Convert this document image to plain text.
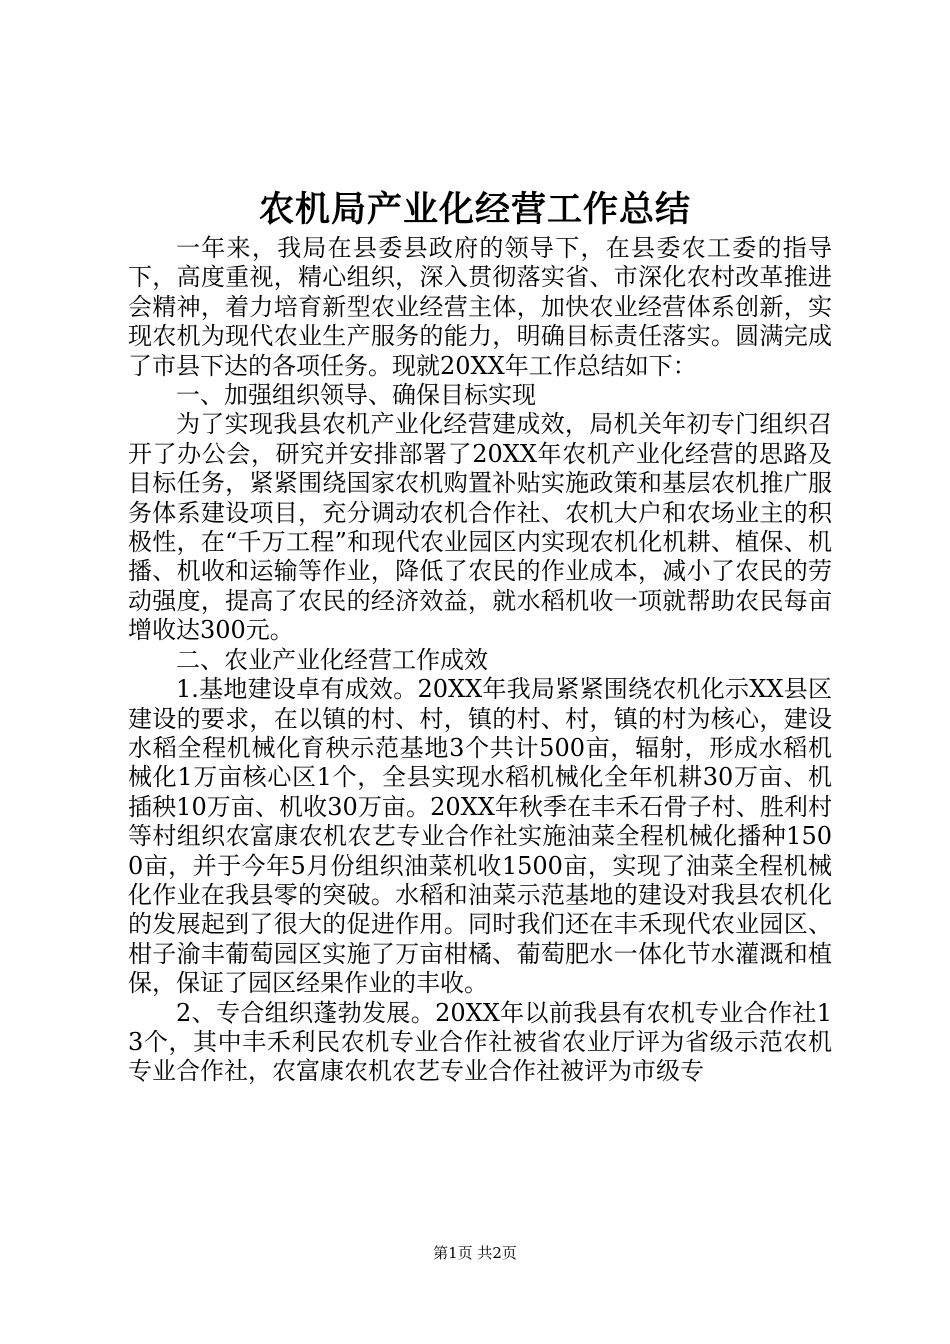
农机局产业化经营工作总结

一年来，我局在县委县政府的领导下，在县委农工委的指导下，高度重视，精心组织，深入贯彻落实省、市深化农村改革推进会精神，着力培育新型农业经营主体，加快农业经营体系创新，实现农机为现代农业生产服务的能力，明确目标责任落实。圆满完成了市县下达的各项任务。现就20XX年工作总结如下：

一、加强组织领导、确保目标实现

为了实现我县农机产业化经营建成效，局机关年初专门组织召开了办公会，研究并安排部署了20XX年农机产业化经营的思路及目标任务，紧紧围绕国家农机购置补贴实施政策和基层农机推广服务体系建设项目，充分调动农机合作社、农机大户和农场业主的积极性，在“千万工程”和现代农业园区内实现农机化机耕、植保、机播、机收和运输等作业，降低了农民的作业成本，减小了农民的劳动强度，提高了农民的经济效益，就水稻机收一项就帮助农民每亩增收达300元。

二、农业产业化经营工作成效

1.基地建设卓有成效。20XX年我局紧紧围绕农机化示XX县区建设的要求，在以镇的村、村，镇的村、村，镇的村为核心，建设水稻全程机械化育秧示范基地3个共计500亩，辐射，形成水稻机械化1万亩核心区1个，全县实现水稻机械化全年机耕30万亩、机插秧10万亩、机收30万亩。20XX年秋季在丰禾石骨子村、胜利村等村组织农富康农机农艺专业合作社实施油菜全程机械化播种1500亩，并于今年5月份组织油菜机收1500亩，实现了油菜全程机械化作业在我县零的突破。水稻和油菜示范基地的建设对我县农机化的发展起到了很大的促进作用。同时我们还在丰禾现代农业园区、柑子渝丰葡萄园区实施了万亩柑橘、葡萄肥水一体化节水灌溉和植保，保证了园区经果作业的丰收。

2、专合组织蓬勃发展。20XX年以前我县有农机专业合作社13个，其中丰禾利民农机专业合作社被省农业厅评为省级示范农机专业合作社，农富康农机农艺专业合作社被评为市级专

第1页 共2页
